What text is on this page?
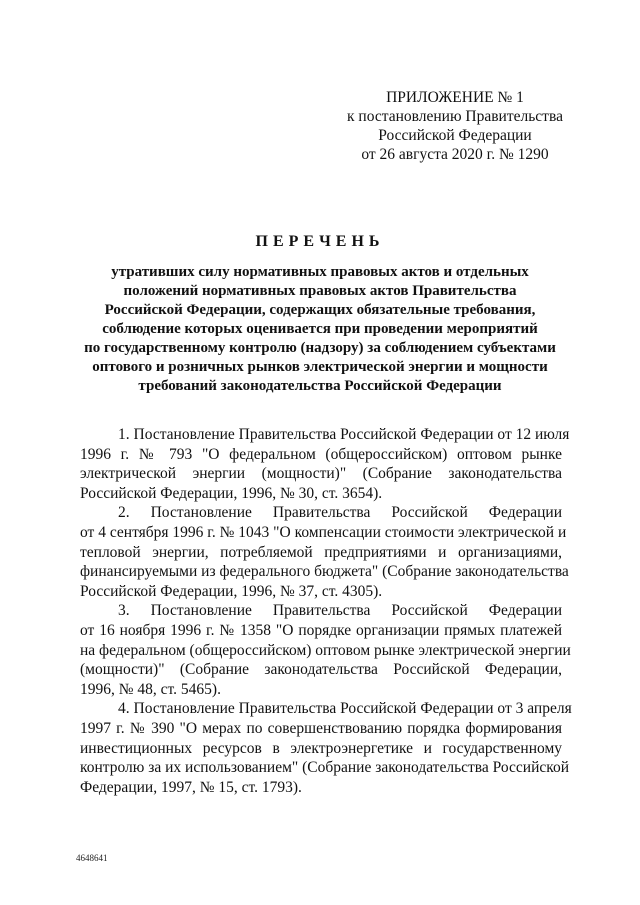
ПРИЛОЖЕНИЕ № 1
к постановлению Правительства
Российской Федерации
от 26 августа 2020 г. № 1290
ПЕРЕЧЕНЬ
утративших силу нормативных правовых актов и отдельных
положений нормативных правовых актов Правительства
Российской Федерации, содержащих обязательные требования,
соблюдение которых оценивается при проведении мероприятий
по государственному контролю (надзору) за соблюдением субъектами
оптового и розничных рынков электрической энергии и мощности
требований законодательства Российской Федерации
1. Постановление Правительства Российской Федерации от 12 июля
1996 г. № 793 "О федеральном (общероссийском) оптовом рынке
электрической энергии (мощности)" (Собрание законодательства
Российской Федерации, 1996, № 30, ст. 3654).
2. Постановление Правительства Российской Федерации
от 4 сентября 1996 г. № 1043 "О компенсации стоимости электрической и
тепловой энергии, потребляемой предприятиями и организациями,
финансируемыми из федерального бюджета" (Собрание законодательства
Российской Федерации, 1996, № 37, ст. 4305).
3. Постановление Правительства Российской Федерации
от 16 ноября 1996 г. № 1358 "О порядке организации прямых платежей
на федеральном (общероссийском) оптовом рынке электрической энергии
(мощности)" (Собрание законодательства Российской Федерации,
1996, № 48, ст. 5465).
4. Постановление Правительства Российской Федерации от 3 апреля
1997 г. № 390 "О мерах по совершенствованию порядка формирования
инвестиционных ресурсов в электроэнергетике и государственному
контролю за их использованием" (Собрание законодательства Российской
Федерации, 1997, № 15, ст. 1793).
4648641
